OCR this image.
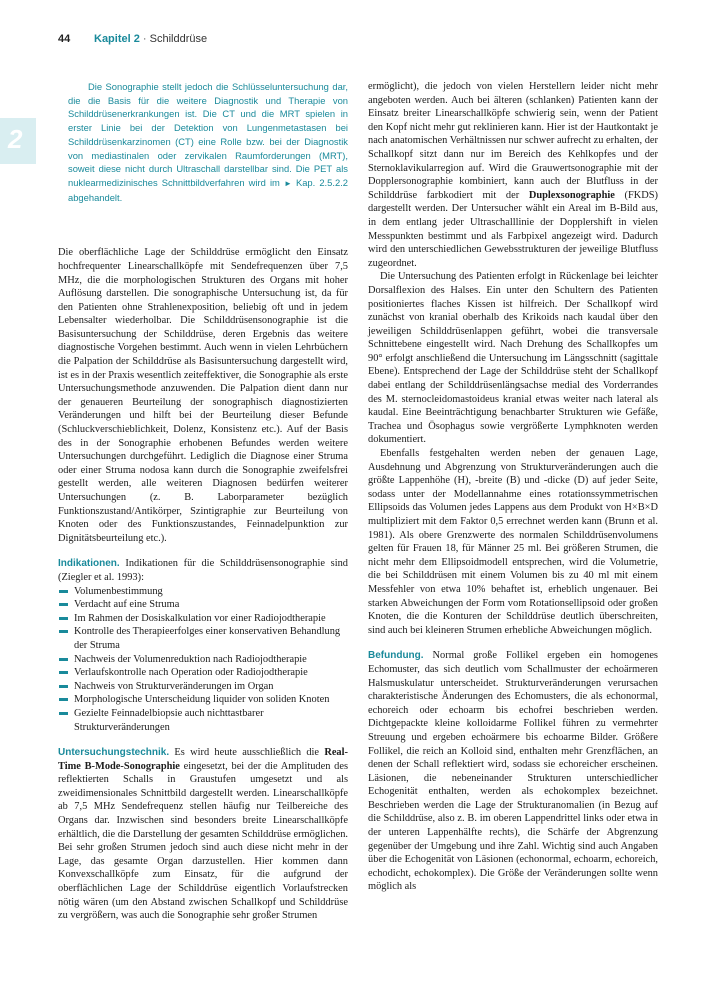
44 Kapitel 2 · Schilddrüse
2

Die Sonographie stellt jedoch die Schlüsseluntersuchung dar, die die Basis für die weitere Diagnostik und Therapie von Schilddrüsenerkrankungen ist. Die CT und die MRT spielen in erster Linie bei der Detektion von Lungenmetastasen bei Schilddrüsenkarzinomen (CT) eine Rolle bzw. bei der Diagnostik von mediastinalen oder zervikalen Raumforderungen (MRT), soweit diese nicht durch Ultraschall darstellbar sind. Die PET als nuklearmedizinisches Schnittbildverfahren wird im ► Kap. 2.5.2.2 abgehandelt.

Die oberflächliche Lage der Schilddrüse ermöglicht den Einsatz hochfrequenter Linearschallköpfe mit Sendefrequenzen über 7,5 MHz, die die morphologischen Strukturen des Organs mit hoher Auflösung darstellen. Die sonographische Untersuchung ist, da für den Patienten ohne Strahlenexposition, beliebig oft und in jedem Lebensalter wiederholbar. Die Schilddrüsensonographie ist die Basisuntersuchung der Schilddrüse, deren Ergebnis das weitere diagnostische Vorgehen bestimmt. Auch wenn in vielen Lehrbüchern die Palpation der Schilddrüse als Basisuntersuchung dargestellt wird, ist es in der Praxis wesentlich zeiteffektiver, die Sonographie als erste Untersuchungsmethode anzuwenden. Die Palpation dient dann nur der genaueren Beurteilung der sonographisch diagnostizierten Veränderungen und hilft bei der Beurteilung dieser Befunde (Schluckverschieblichkeit, Dolenz, Konsistenz etc.). Auf der Basis des in der Sonographie erhobenen Befundes werden weitere Untersuchungen durchgeführt. Lediglich die Diagnose einer Struma oder einer Struma nodosa kann durch die Sonographie zweifelsfrei gestellt werden, alle weiteren Diagnosen bedürfen weiterer Untersuchungen (z. B. Laborparameter bezüglich Funktionszustand/Antikörper, Szintigraphie zur Beurteilung von Knoten oder des Funktionszustandes, Feinnadelpunktion zur Dignitätsbeurteilung etc.).

Indikationen. Indikationen für die Schilddrüsensonographie sind (Ziegler et al. 1993):

Volumenbestimmung
Verdacht auf eine Struma
Im Rahmen der Dosiskalkulation vor einer Radiojodtherapie
Kontrolle des Therapieerfolges einer konservativen Behandlung der Struma
Nachweis der Volumenreduktion nach Radiojodtherapie
Verlaufskontrolle nach Operation oder Radiojodtherapie
Nachweis von Strukturveränderungen im Organ
Morphologische Unterscheidung liquider von soliden Knoten
Gezielte Feinnadelbiopsie auch nichttastbarer Strukturveränderungen

Untersuchungstechnik. Es wird heute ausschließlich die Real-Time B-Mode-Sonographie eingesetzt, bei der die Amplituden des reflektierten Schalls in Graustufen umgesetzt und als zweidimensionales Schnittbild dargestellt werden. Linearschallköpfe ab 7,5 MHz Sendefrequenz stellen häufig nur Teilbereiche des Organs dar. Inzwischen sind besonders breite Linearschallköpfe erhältlich, die die Darstellung der gesamten Schilddrüse ermöglichen. Bei sehr großen Strumen jedoch sind auch diese nicht mehr in der Lage, das gesamte Organ darzustellen. Hier kommen dann Konvexschallköpfe zum Einsatz, für die aufgrund der oberflächlichen Lage der Schilddrüse eigentlich Vorlaufstrecken nötig wären (um den Abstand zwischen Schallkopf und Schilddrüse zu vergrößern, was auch die Sonographie sehr großer Strumen

ermöglicht), die jedoch von vielen Herstellern leider nicht mehr angeboten werden. Auch bei älteren (schlanken) Patienten kann der Einsatz breiter Linearschallköpfe schwierig sein, wenn der Patient den Kopf nicht mehr gut reklinieren kann. Hier ist der Hautkontakt je nach anatomischen Verhältnissen nur schwer aufrecht zu erhalten, der Schallkopf sitzt dann nur im Bereich des Kehlkopfes und der Sternoklavikularregion auf. Wird die Grauwertsonographie mit der Dopplersonographie kombiniert, kann auch der Blutfluss in der Schilddrüse farbkodiert mit der Duplexsonographie (FKDS) dargestellt werden. Der Untersucher wählt ein Areal im B-Bild aus, in dem entlang jeder Ultraschalllinie der Dopplershift in vielen Messpunkten bestimmt und als Farbpixel angezeigt wird. Dadurch wird den unterschiedlichen Gewebsstrukturen der jeweilige Blutfluss zugeordnet.

Die Untersuchung des Patienten erfolgt in Rückenlage bei leichter Dorsalflexion des Halses. Ein unter den Schultern des Patienten positioniertes flaches Kissen ist hilfreich. Der Schallkopf wird zunächst von kranial oberhalb des Krikoids nach kaudal über den jeweiligen Schilddrüsenlappen geführt, wobei die transversale Schnittebene eingestellt wird. Nach Drehung des Schallkopfes um 90° erfolgt anschließend die Untersuchung im Längsschnitt (sagittale Ebene). Entsprechend der Lage der Schilddrüse steht der Schallkopf dabei entlang der Schilddrüsenlängsachse medial des Vorderrandes des M. sternocleidomastoideus kranial etwas weiter nach lateral als kaudal. Eine Beeinträchtigung benachbarter Strukturen wie Gefäße, Trachea und Ösophagus sowie vergrößerte Lymphknoten werden dokumentiert.

Ebenfalls festgehalten werden neben der genauen Lage, Ausdehnung und Abgrenzung von Strukturveränderungen auch die größte Lappenhöhe (H), -breite (B) und -dicke (D) auf jeder Seite, sodass unter der Modellannahme eines rotationssymmetrischen Ellipsoids das Volumen jedes Lappens aus dem Produkt von H×B×D multipliziert mit dem Faktor 0,5 errechnet werden kann (Brunn et al. 1981). Als obere Grenzwerte des normalen Schilddrüsenvolumens gelten für Frauen 18, für Männer 25 ml. Bei größeren Strumen, die nicht mehr dem Ellipsoidmodell entsprechen, wird die Volumetrie, die bei Schilddrüsen mit einem Volumen bis zu 40 ml mit einem Messfehler von etwa 10% behaftet ist, erheblich ungenauer. Bei starken Abweichungen der Form vom Rotationsellipsoid oder großen Knoten, die die Konturen der Schilddrüse deutlich überschreiten, sind auch bei kleineren Strumen erhebliche Abweichungen möglich.

Befundung. Normal große Follikel ergeben ein homogenes Echomuster, das sich deutlich vom Schallmuster der echoärmeren Halsmuskulatur unterscheidet. Strukturveränderungen verursachen charakteristische Änderungen des Echomusters, die als echonormal, echoreich oder echoarm bis echofrei beschrieben werden. Dichtgepackte kleine kolloidarme Follikel führen zu vermehrter Streuung und ergeben echoärmere bis echoarme Bilder. Größere Follikel, die reich an Kolloid sind, enthalten mehr Grenzflächen, an denen der Schall reflektiert wird, sodass sie echoreicher erscheinen. Läsionen, die nebeneinander Strukturen unterschiedlicher Echogenität enthalten, werden als echokomplex bezeichnet. Beschrieben werden die Lage der Strukturanomalien (in Bezug auf die Schilddrüse, also z. B. im oberen Lappendrittel links oder etwa in der unteren Lappenhälfte rechts), die Schärfe der Abgrenzung gegenüber der Umgebung und ihre Zahl. Wichtig sind auch Angaben über die Echogenität von Läsionen (echonormal, echoarm, echoreich, echodicht, echokomplex). Die Größe der Veränderungen sollte wenn möglich als
